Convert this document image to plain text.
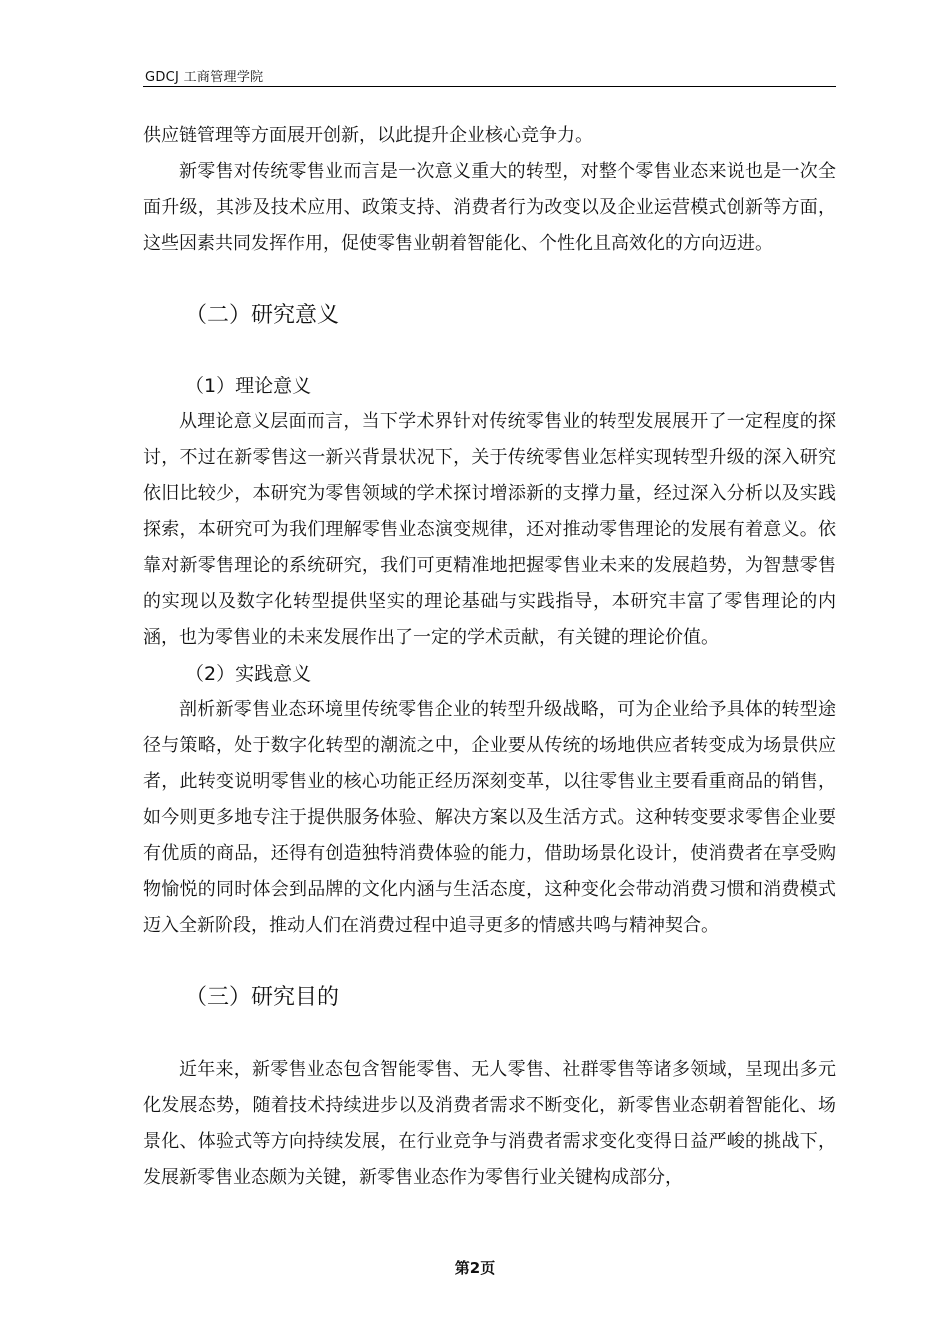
GDCJ 工商管理学院

供应链管理等方面展开创新，以此提升企业核心竞争力。

新零售对传统零售业而言是一次意义重大的转型，对整个零售业态来说也是一次全面升级，其涉及技术应用、政策支持、消费者行为改变以及企业运营模式创新等方面，这些因素共同发挥作用，促使零售业朝着智能化、个性化且高效化的方向迈进。

（二）研究意义
（1）理论意义

从理论意义层面而言，当下学术界针对传统零售业的转型发展展开了一定程度的探讨，不过在新零售这一新兴背景状况下，关于传统零售业怎样实现转型升级的深入研究依旧比较少，本研究为零售领域的学术探讨增添新的支撑力量，经过深入分析以及实践探索，本研究可为我们理解零售业态演变规律，还对推动零售理论的发展有着意义。依靠对新零售理论的系统研究，我们可更精准地把握零售业未来的发展趋势，为智慧零售的实现以及数字化转型提供坚实的理论基础与实践指导，本研究丰富了零售理论的内涵，也为零售业的未来发展作出了一定的学术贡献，有关键的理论价值。

（2）实践意义

剖析新零售业态环境里传统零售企业的转型升级战略，可为企业给予具体的转型途径与策略，处于数字化转型的潮流之中，企业要从传统的场地供应者转变成为场景供应者，此转变说明零售业的核心功能正经历深刻变革，以往零售业主要看重商品的销售，如今则更多地专注于提供服务体验、解决方案以及生活方式。这种转变要求零售企业要有优质的商品，还得有创造独特消费体验的能力，借助场景化设计，使消费者在享受购物愉悦的同时体会到品牌的文化内涵与生活态度，这种变化会带动消费习惯和消费模式迈入全新阶段，推动人们在消费过程中追寻更多的情感共鸣与精神契合。

（三）研究目的

近年来，新零售业态包含智能零售、无人零售、社群零售等诸多领域，呈现出多元化发展态势，随着技术持续进步以及消费者需求不断变化，新零售业态朝着智能化、场景化、体验式等方向持续发展，在行业竞争与消费者需求变化变得日益严峻的挑战下，发展新零售业态颇为关键，新零售业态作为零售行业关键构成部分，

第2页
